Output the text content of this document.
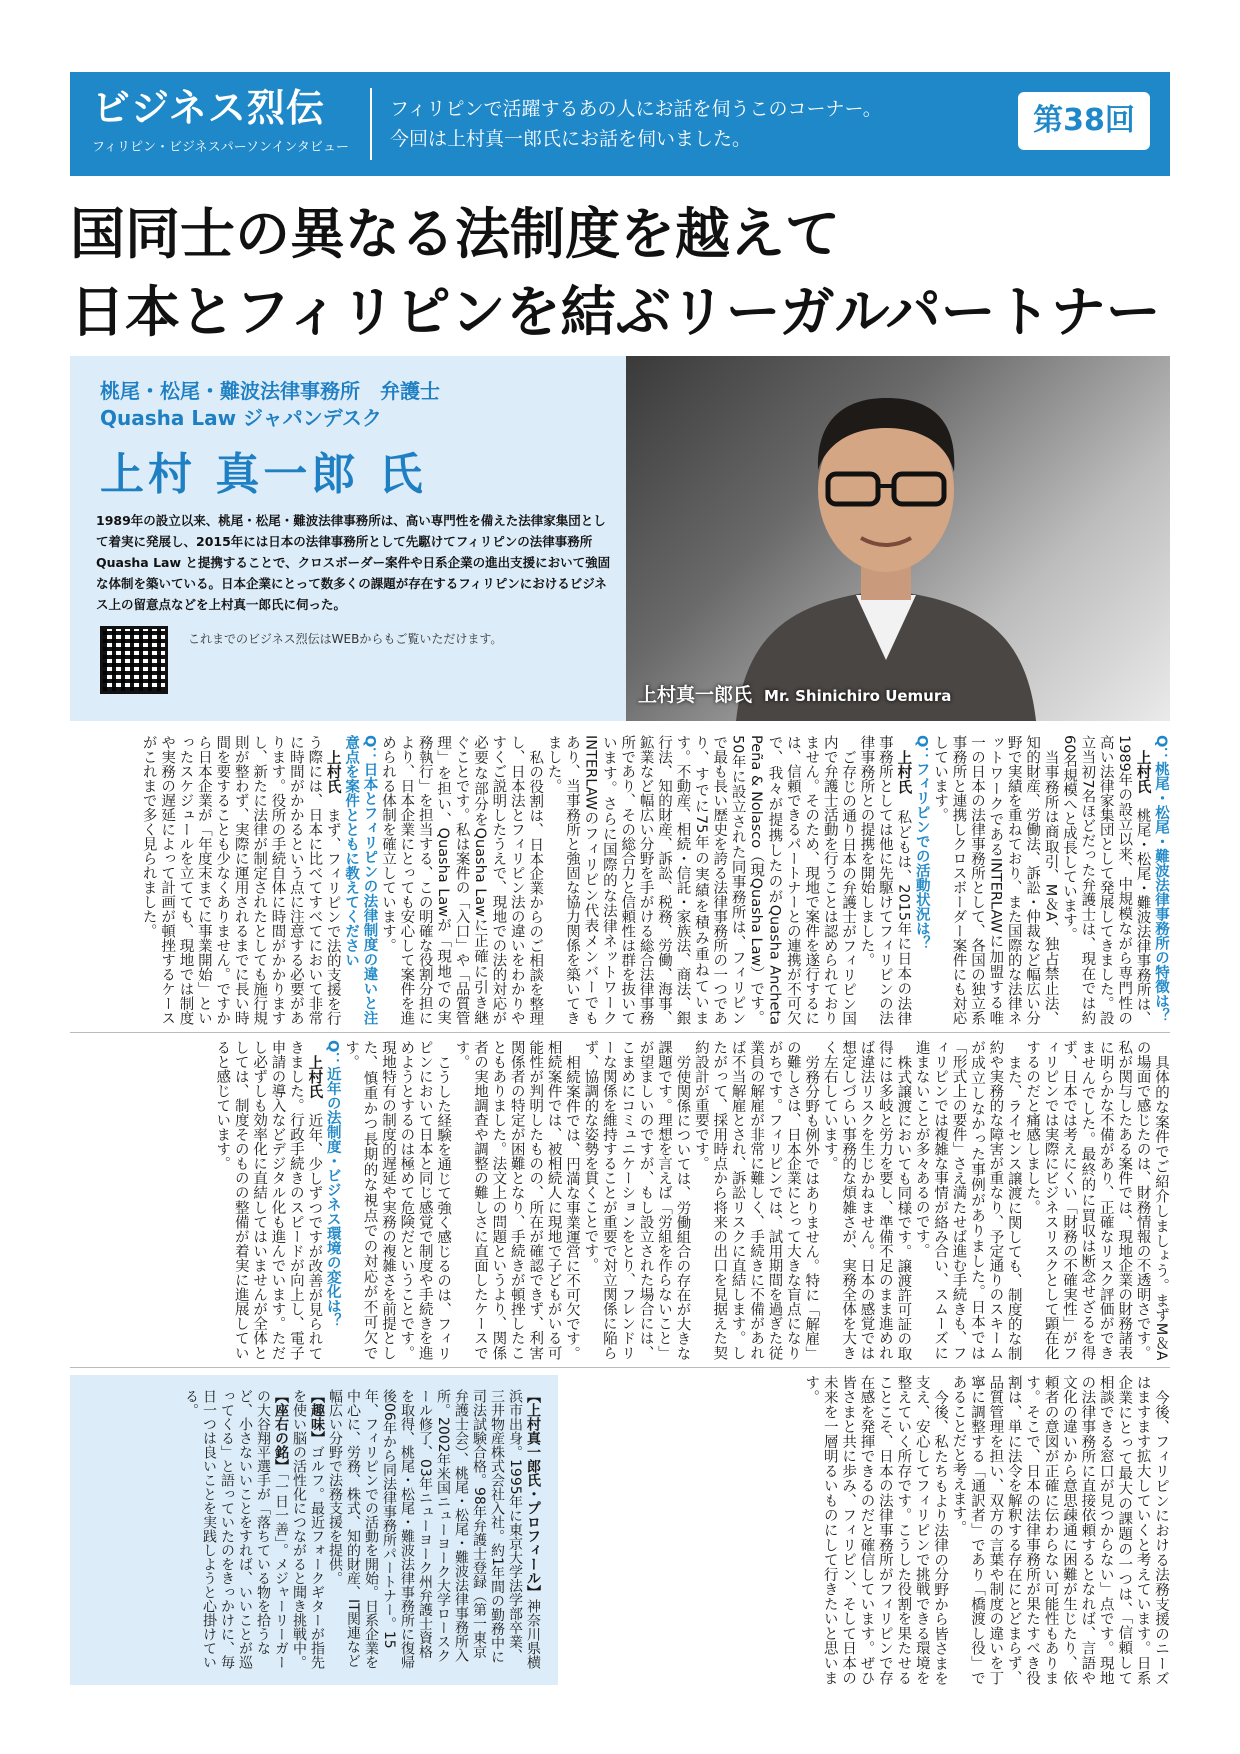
ビジネス烈伝
フィリピン・ビジネスパーソンインタビュー
フィリピンで活躍するあの人にお話を伺うこのコーナー。
今回は上村真一郎氏にお話を伺いました。
第38回
国同士の異なる法制度を越えて
日本とフィリピンを結ぶリーガルパートナー
桃尾・松尾・難波法律事務所　弁護士
Quasha Law ジャパンデスク
上村 真一郎 氏
1989年の設立以来、桃尾・松尾・難波法律事務所は、高い専門性を備えた法律家集団として着実に発展し、2015年には日本の法律事務所として先駆けてフィリピンの法律事務所 Quasha Law と提携することで、クロスボーダー案件や日系企業の進出支援において強固な体制を築いている。日本企業にとって数多くの課題が存在するフィリピンにおけるビジネス上の留意点などを上村真一郎氏に伺った。
これまでのビジネス烈伝はWEBからもご覧いただけます。
上村真一郎氏 Mr. Shinichiro Uemura

Q：桃尾・松尾・難波法律事務所の特徴は？

上村氏　桃尾・松尾・難波法律事務所は、1989年の設立以来、中規模ながら専門性の高い法律家集団として発展してきました。設立当初7名ほどだった弁護士は、現在では約60名規模へと成長しています。

当事務所は商取引、M＆A、独占禁止法、知的財産、労働法、訴訟・仲裁など幅広い分野で実績を重ねており、また国際的な法律ネットワークであるINTERLAWに加盟する唯一の日本の法律事務所として、各国の独立系事務所と連携しクロスボーダー案件にも対応しています。

Q：フィリピンでの活動状況は？

上村氏　私どもは、2015年に日本の法律事務所としては他に先駆けてフィリピンの法律事務所との提携を開始しました。

ご存じの通り日本の弁護士がフィリピン国内で弁護士活動を行うことは認められておりません。そのため、現地で案件を遂行するには、信頼できるパートナーとの連携が不可欠で、我々が提携したのがQuasha Ancheta Peña & Nolasco（現Quasha Law）です。50年に設立された同事務所は、フィリピンで最も長い歴史を誇る法律事務所の一つであり、すでに75年の実績を積み重ねています。不動産、相続・信託・家族法、商法、銀行法、知的財産、訴訟、税務、労働、海事、鉱業など幅広い分野を手がける総合法律事務所であり、その総合力と信頼性は群を抜いています。さらに国際的な法律ネットワークINTERLAWのフィリピン代表メンバーでもあり、当事務所と強固な協力関係を築いてきました。

私の役割は、日本企業からのご相談を整理し、日本法とフィリピン法の違いをわかりやすくご説明したうえで、現地での法的対応が必要な部分をQuasha Lawに正確に引き継ぐことです。私は案件の「入口」や「品質管理」を担い、Quasha Lawが「現地での実務執行」を担当する、この明確な役割分担により、日本企業にとっても安心して案件を進められる体制を確立しています。

Q：日本とフィリピンの法律制度の違いと注意点を案件とともに教えてください

上村氏　まず、フィリピンで法的支援を行う際には、日本に比べてすべてにおいて非常に時間がかかるという点に注意する必要があります。役所の手続自体に時間がかかりますし、新たに法律が制定されたとしても施行規則が整わず、実際に運用されるまでに長い時間を要することも少なくありません。ですから日本企業が「年度末までに事業開始」といったスケジュールを立てても、現地では制度や実務の遅延によって計画が頓挫するケースがこれまで多く見られました。

具体的な案件でご紹介しましょう。まずM＆Aの場面で感じたのは、財務情報の不透明さです。私が関与したある案件では、現地企業の財務諸表に明らかな不備があり、正確なリスク評価ができませんでした。最終的に買収は断念せざるを得ず、日本では考えにくい「財務の不確実性」がフィリピンでは実際にビジネスリスクとして顕在化するのだと痛感しました。

また、ライセンス譲渡に関しても、制度的な制約や実務的な障害が重なり、予定通りのスキームが成立しなかった事例がありました。日本では「形式上の要件」さえ満たせば進む手続きも、フィリピンでは複雑な事情が絡み合い、スムーズに進まないことが多々あるのです。

株式譲渡においても同様です。譲渡許可証の取得には多岐と労力を要し、準備不足のまま進めれば違法リスクを生じかねません。日本の感覚では想定しづらい事務的な煩雑さが、実務全体を大きく左右しています。

労務分野も例外ではありません。特に「解雇」の難しさは、日本企業にとって大きな盲点になりがちです。フィリピンでは、試用期間を過ぎた従業員の解雇が非常に難しく、手続きに不備があれば不当解雇とされ、訴訟リスクに直結します。したがって、採用時点から将来の出口を見据えた契約設計が重要です。

労使関係については、労働組合の存在が大きな課題です。理想を言えば「労組を作らないこと」が望ましいのですが、もし設立された場合には、こまめにコミュニケーションをとり、フレンドリーな関係を維持することが重要で対立関係に陥らず、協調的な姿勢を貫くことです。

相続案件では、円満な事業運営に不可欠です。相続案件では、被相続人に現地で子どもがいる可能性が判明したものの、所在が確認できず、利害関係者の特定が困難となり、手続きが頓挫したこともありました。法文上の問題というより、関係者の実地調査や調整の難しさに直面したケースです。

こうした経験を通じて強く感じるのは、フィリピンにおいて日本と同じ感覚で制度や手続きを進めようとするのは極めて危険だということです。現地特有の制度的遅延や実務の複雑さを前提とした、慎重かつ長期的な視点での対応が不可欠です。

Q：近年の法制度・ビジネス環境の変化は？

上村氏　近年、少しずつですが改善が見られてきました。行政手続きのスピードが向上し、電子申請の導入などデジタル化も進んでいます。ただし必ずしも効率化に直結してはいませんが全体としては、制度そのものの整備が着実に進展していると感じています。

今後、フィリピンにおける法務支援のニーズはますます拡大していくと考えています。日系企業にとって最大の課題の一つは、「信頼して相談できる窓口が見つからない」点です。現地の法律事務所に直接依頼するとなれば、言語や文化の違いから意思疎通に困難が生じたり、依頼者の意図が正確に伝わらない可能性もあります。そこで、日本の法律事務所が果たすべき役割は、単に法令を解釈する存在にとどまらず、品質管理を担い、双方の言葉や制度の違いを丁寧に調整する「通訳者」であり「橋渡し役」であることだと考えます。

今後、私たちもより法律の分野から皆さまを支え、安心してフィリピンで挑戦できる環境を整えていく所存です。こうした役割を果たせることこそ、日本の法律事務所がフィリピンで存在感を発揮できるのだと確信しています。ぜひ皆さまと共に歩み、フィリピン、そして日本の未来を一層明るいものにして行きたいと思います。

【上村真一郎氏・プロフィール】神奈川県横浜市出身。1995年に東京大学法学部卒業、三井物産株式会社入社。約1年間の勤務中に司法試験合格。98年弁護士登録（第一東京弁護士会）、桃尾・松尾・難波法律事務所入所。2002年米国ニューヨーク大学ロースクール修了、03年ニューヨーク州弁護士資格を取得、桃尾・松尾・難波法律事務所に復帰後06年から同法律事務所パートナー。15年、フィリピンでの活動を開始。日系企業を中心に、労務、株式、知的財産、IT関連など幅広い分野で法務支援を提供。

【趣味】ゴルフ。最近フォークギターが指先を使い脳の活性化につながると聞き挑戦中。

【座右の銘】「一日一善」。メジャーリーガーの大谷翔平選手が「落ちている物を拾うなど、小さないいことをすれば、いいことが巡ってくる」と語っていたのをきっかけに、毎日一つは良いことを実践しようと心掛けている。
